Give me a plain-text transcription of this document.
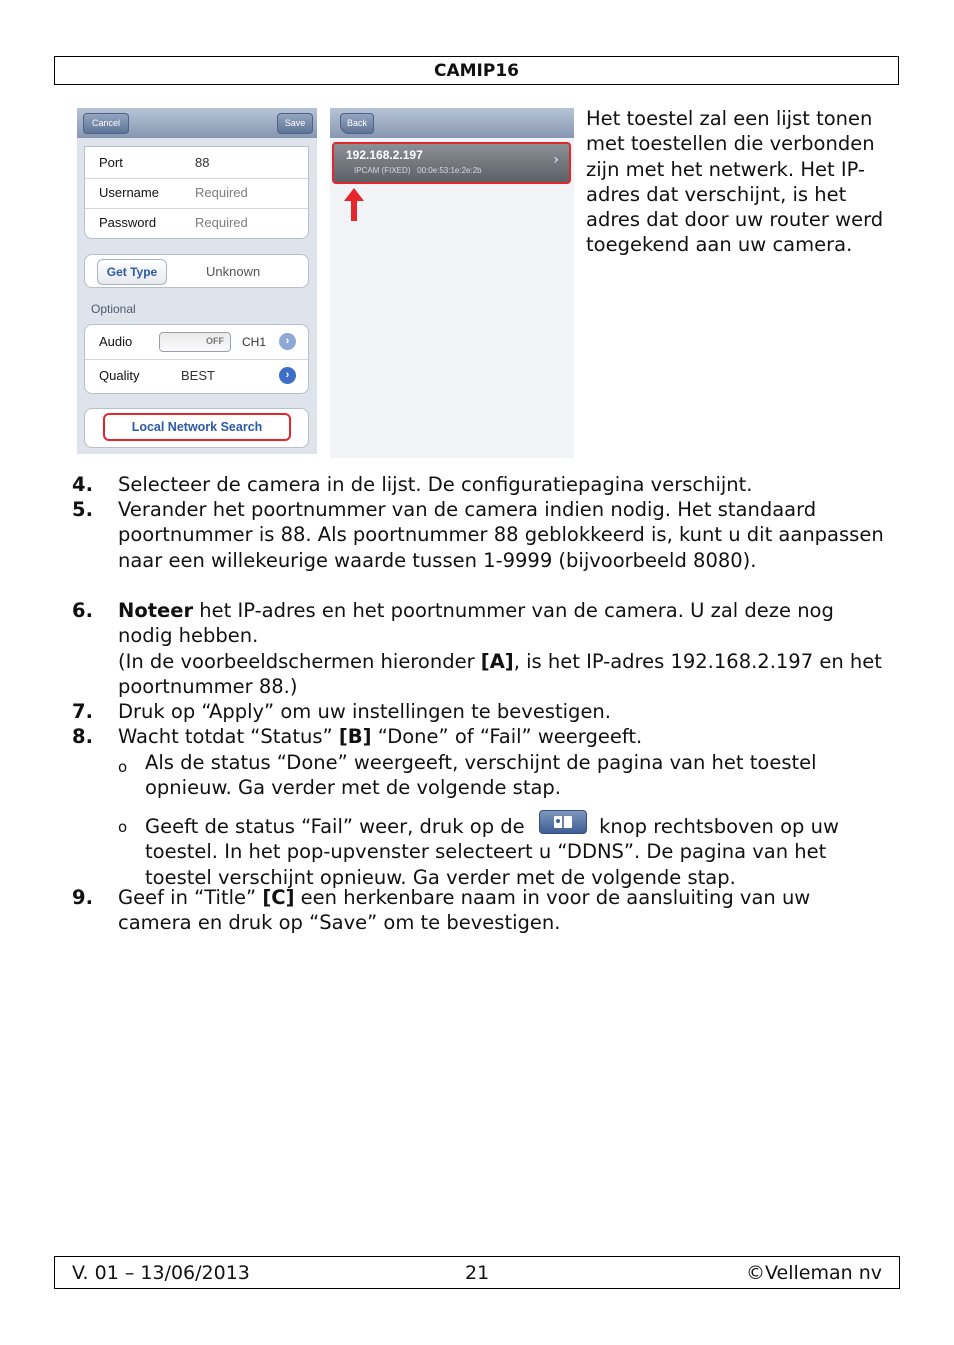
CAMIP16
Cancel	Save
Port	88
Username	Required
Password	Required
Get Type	Unknown
Optional
Audio	OFF CH1	›
Quality	BEST	›
Local Network Search
Back
192.168.2.197
IPCAM (FIXED)   00:0e:53:1e:2e:2b
›
Het toestel zal een lijst tonen met toestellen die verbonden zijn met het netwerk. Het IP-adres dat verschijnt, is het adres dat door uw router werd toegekend aan uw camera.
4. Selecteer de camera in de lijst. De configuratiepagina verschijnt.
5. Verander het poortnummer van de camera indien nodig. Het standaard poortnummer is 88. Als poortnummer 88 geblokkeerd is, kunt u dit aanpassen naar een willekeurige waarde tussen 1-9999 (bijvoorbeeld 8080).
6. Noteer het IP-adres en het poortnummer van de camera. U zal deze nog nodig hebben.
(In de voorbeeldschermen hieronder [A], is het IP-adres 192.168.2.197 en het poortnummer 88.)
7. Druk op “Apply” om uw instellingen te bevestigen.
8. Wacht totdat “Status” [B] “Done” of “Fail” weergeeft.
o Als de status “Done” weergeeft, verschijnt de pagina van het toestel opnieuw. Ga verder met de volgende stap.
o Geeft de status “Fail” weer, druk op de	knop rechtsboven op uw toestel. In het pop-upvenster selecteert u “DDNS”. De pagina van het toestel verschijnt opnieuw. Ga verder met de volgende stap.
9. Geef in “Title” [C] een herkenbare naam in voor de aansluiting van uw camera en druk op “Save” om te bevestigen.
V. 01 – 13/06/2013	21	©Velleman nv
